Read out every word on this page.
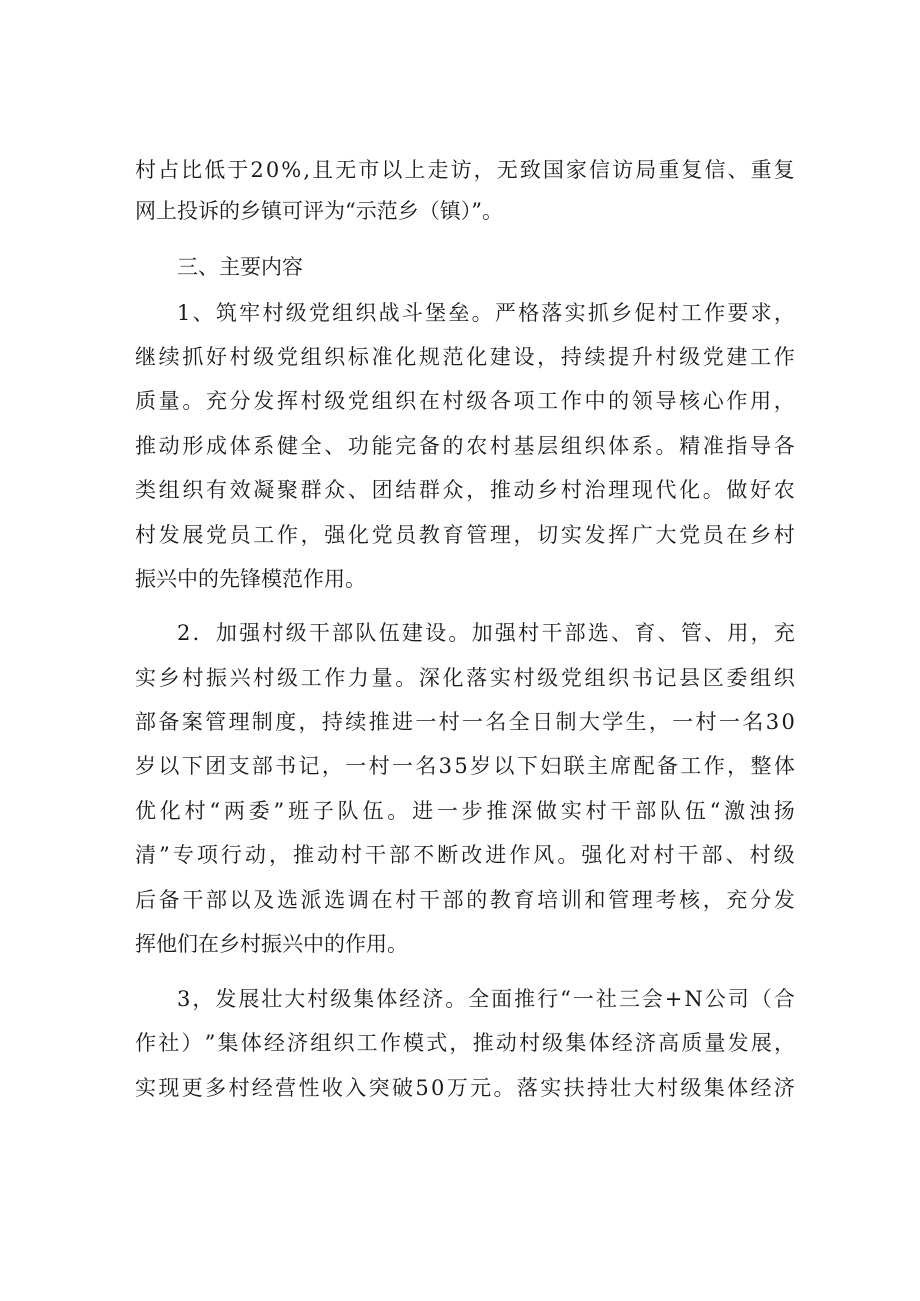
村 占 比 低 于 2 0 % , 且 无 市 以 上 走 访 ， 无 致 国 家 信 访 局 重 复 信 、 重 复
网上投诉的乡镇可评为“示范乡（镇）”。
三、主要内容
1 、 筑 牢 村 级 党 组 织 战 斗 堡 垒 。 严 格 落 实 抓 乡 促 村 工 作 要 求 ，
继 续 抓 好 村 级 党 组 织 标 准 化 规 范 化 建 设 ， 持 续 提 升 村 级 党 建 工 作
质 量 。 充 分 发 挥 村 级 党 组 织 在 村 级 各 项 工 作 中 的 领 导 核 心 作 用 ，
推 动 形 成 体 系 健 全 、 功 能 完 备 的 农 村 基 层 组 织 体 系 。 精 准 指 导 各
类 组 织 有 效 凝 聚 群 众 、 团 结 群 众 ， 推 动 乡 村 治 理 现 代 化 。 做 好 农
村 发 展 党 员 工 作 ， 强 化 党 员 教 育 管 理 ， 切 实 发 挥 广 大 党 员 在 乡 村
振兴中的先锋模范作用。
2 ． 加 强 村 级 干 部 队 伍 建 设 。 加 强 村 干 部 选 、 育 、 管 、 用 ， 充
实 乡 村 振 兴 村 级 工 作 力 量 。 深 化 落 实 村 级 党 组 织 书 记 县 区 委 组 织
部 备 案 管 理 制 度 ， 持 续 推 进 一 村 一 名 全 日 制 大 学 生 ， 一 村 一 名 3 0
岁 以 下 团 支 部 书 记 ， 一 村 一 名 3 5 岁 以 下 妇 联 主 席 配 备 工 作 ， 整 体
优 化 村 “ 两 委 ” 班 子 队 伍 。 进 一 步 推 深 做 实 村 干 部 队 伍 “ 激 浊 扬
清 ” 专 项 行 动 ， 推 动 村 干 部 不 断 改 进 作 风 。 强 化 对 村 干 部 、 村 级
后 备 干 部 以 及 选 派 选 调 在 村 干 部 的 教 育 培 训 和 管 理 考 核 ， 充 分 发
挥他们在乡村振兴中的作用。
3 ， 发 展 壮 大 村 级 集 体 经 济 。 全 面 推 行 “ 一 社 三 会 + N 公 司 （ 合
作 社 ） ” 集 体 经 济 组 织 工 作 模 式 ， 推 动 村 级 集 体 经 济 高 质 量 发 展 ，
实 现 更 多 村 经 营 性 收 入 突 破 5 0 万 元 。 落 实 扶 持 壮 大 村 级 集 体 经 济
